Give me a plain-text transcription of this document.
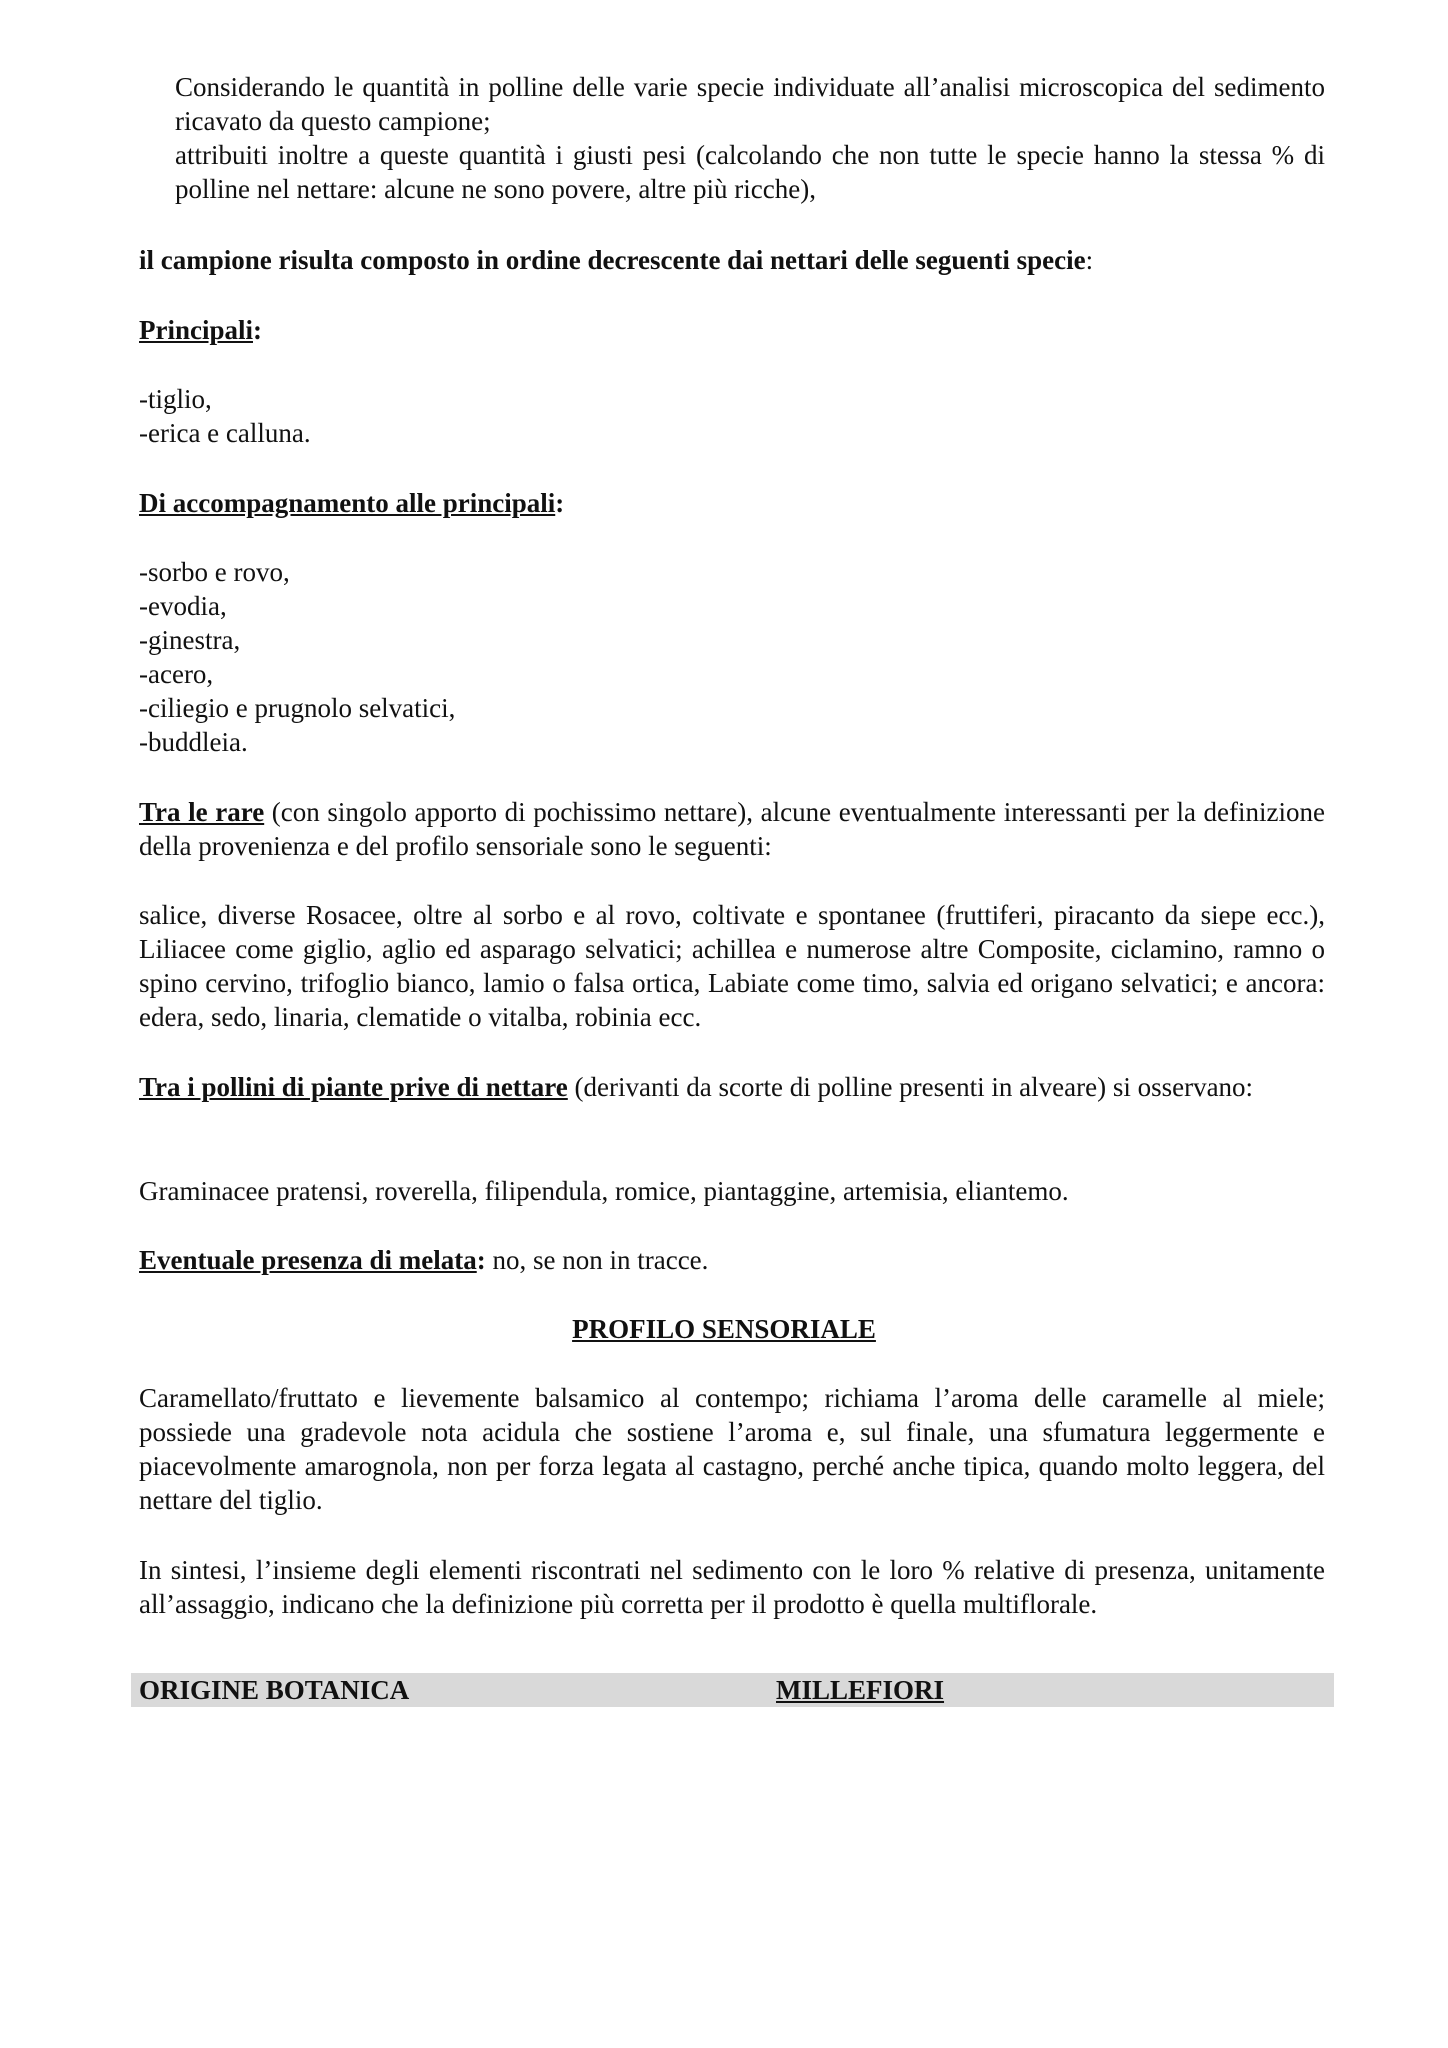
Considerando le quantità in polline delle varie specie individuate all’analisi microscopica del sedimento ricavato da questo campione;
attribuiti inoltre a queste quantità i giusti pesi (calcolando che non tutte le specie hanno la stessa % di polline nel nettare: alcune ne sono povere, altre più ricche),
il campione risulta composto in ordine decrescente dai nettari delle seguenti specie:
Principali:
-tiglio,
-erica e calluna.
Di accompagnamento alle principali:
-sorbo e rovo,
-evodia,
-ginestra,
-acero,
-ciliegio e prugnolo selvatici,
-buddleia.
Tra le rare (con singolo apporto di pochissimo nettare), alcune eventualmente interessanti per la definizione della provenienza e del profilo sensoriale sono le seguenti:
salice, diverse Rosacee, oltre al sorbo e al rovo, coltivate e spontanee (fruttiferi, piracanto da siepe ecc.), Liliacee come giglio, aglio ed asparago selvatici; achillea e numerose altre Composite, ciclamino, ramno o spino cervino, trifoglio bianco, lamio o falsa ortica, Labiate come timo, salvia ed origano selvatici; e ancora: edera, sedo, linaria, clematide o vitalba, robinia ecc.
Tra i pollini di piante prive di nettare (derivanti da scorte di polline presenti in alveare) si osservano:
Graminacee pratensi, roverella, filipendula, romice, piantaggine, artemisia, eliantemo.
Eventuale presenza di melata: no, se non in tracce.
PROFILO SENSORIALE
Caramellato/fruttato e lievemente balsamico al contempo; richiama l’aroma delle caramelle al miele; possiede una gradevole nota acidula che sostiene l’aroma e, sul finale, una sfumatura leggermente e piacevolmente amarognola, non per forza legata al castagno, perché anche tipica, quando molto leggera, del nettare del tiglio.
In sintesi, l’insieme degli elementi riscontrati nel sedimento con le loro % relative di presenza, unitamente all’assaggio, indicano che la definizione più corretta per il prodotto è quella multiflorale.
ORIGINE BOTANICA	MILLEFIORI
